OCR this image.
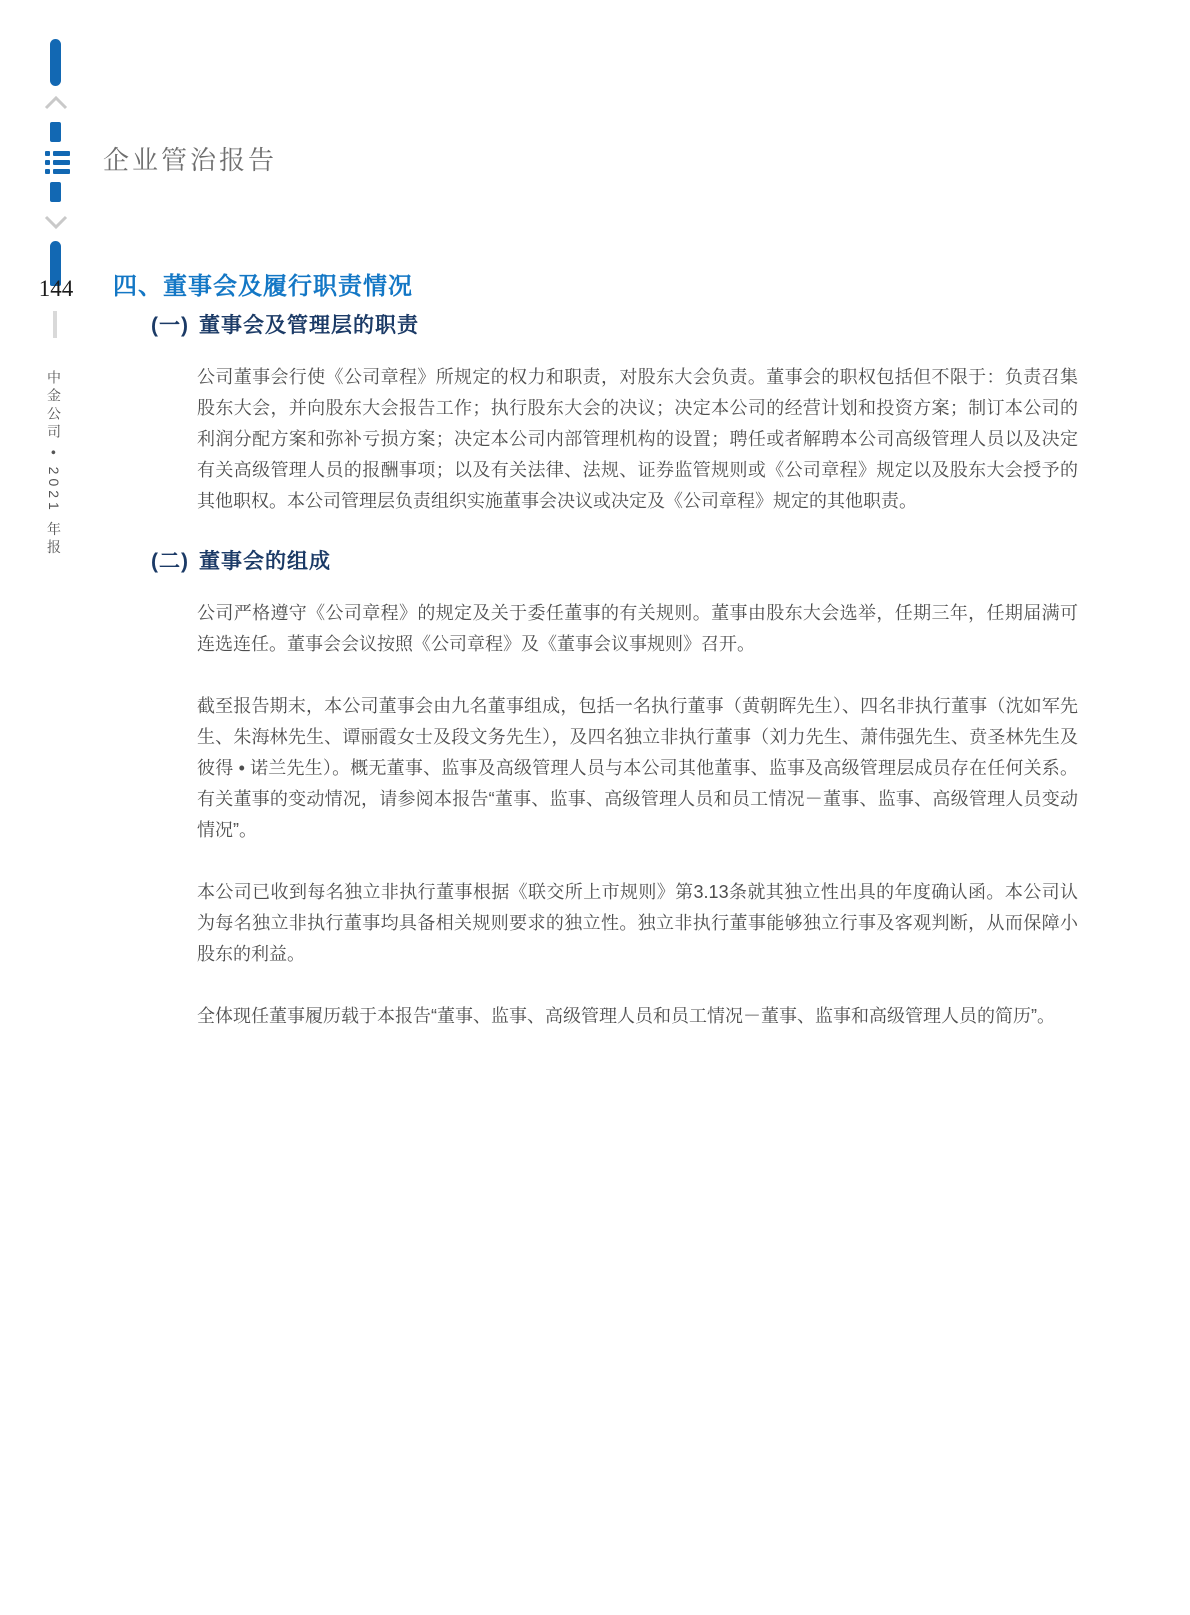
144
中金公司 • 2021 年报
企业管治报告
四、董事会及履行职责情况
(一) 董事会及管理层的职责

公司董事会行使《公司章程》所规定的权力和职责，对股东大会负责。董事会的职权包括但不限于：负责召集股东大会，并向股东大会报告工作；执行股东大会的决议；决定本公司的经营计划和投资方案；制订本公司的利润分配方案和弥补亏损方案；决定本公司内部管理机构的设置；聘任或者解聘本公司高级管理人员以及决定有关高级管理人员的报酬事项；以及有关法律、法规、证券监管规则或《公司章程》规定以及股东大会授予的其他职权。本公司管理层负责组织实施董事会决议或决定及《公司章程》规定的其他职责。

(二) 董事会的组成

公司严格遵守《公司章程》的规定及关于委任董事的有关规则。董事由股东大会选举，任期三年，任期届满可连选连任。董事会会议按照《公司章程》及《董事会议事规则》召开。

截至报告期末，本公司董事会由九名董事组成，包括一名执行董事（黄朝晖先生）、四名非执行董事（沈如军先生、朱海林先生、谭丽霞女士及段文务先生），及四名独立非执行董事（刘力先生、萧伟强先生、贲圣林先生及彼得 • 诺兰先生）。概无董事、监事及高级管理人员与本公司其他董事、监事及高级管理层成员存在任何关系。有关董事的变动情况，请参阅本报告“董事、监事、高级管理人员和员工情况－董事、监事、高级管理人员变动情况”。

本公司已收到每名独立非执行董事根据《联交所上市规则》第3.13条就其独立性出具的年度确认函。本公司认为每名独立非执行董事均具备相关规则要求的独立性。独立非执行董事能够独立行事及客观判断，从而保障小股东的利益。

全体现任董事履历载于本报告“董事、监事、高级管理人员和员工情况－董事、监事和高级管理人员的简历”。
